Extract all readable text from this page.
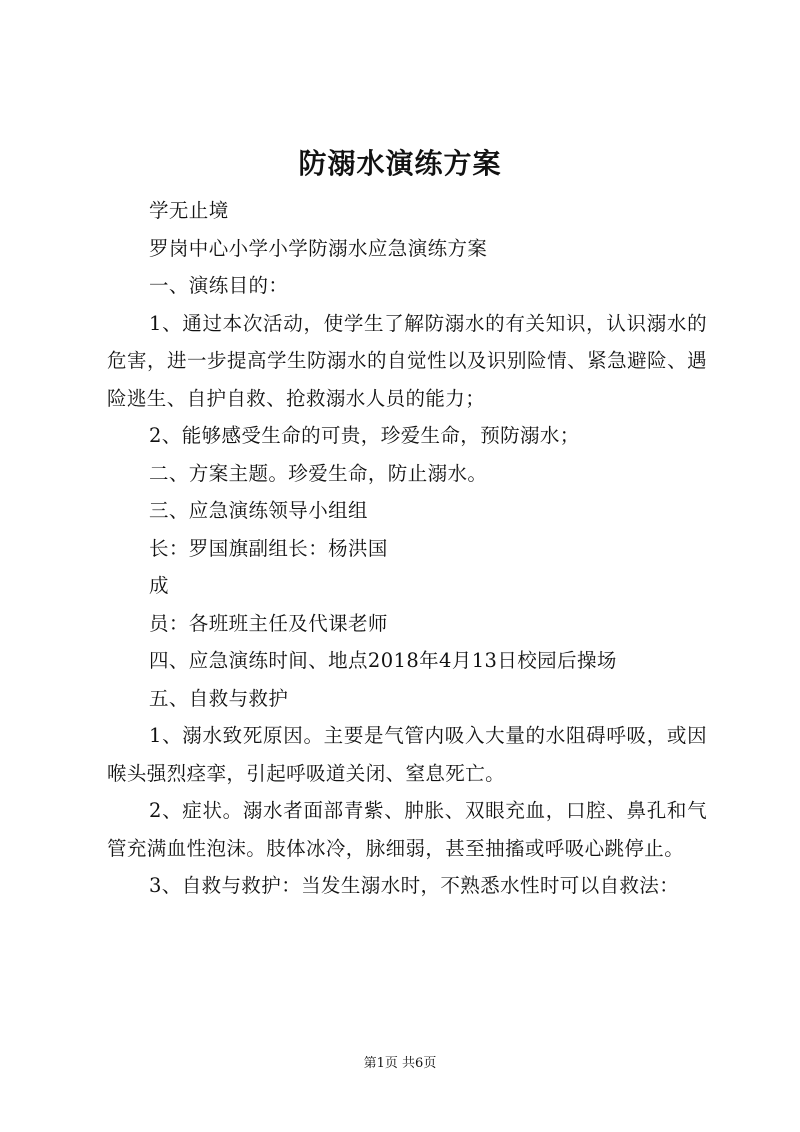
防溺水演练方案

学无止境

罗岗中心小学小学防溺水应急演练方案

一、演练目的：

1、通过本次活动，使学生了解防溺水的有关知识，认识溺水的危害，进一步提高学生防溺水的自觉性以及识别险情、紧急避险、遇险逃生、自护自救、抢救溺水人员的能力；

2、能够感受生命的可贵，珍爱生命，预防溺水；

二、方案主题。珍爱生命，防止溺水。

三、应急演练领导小组组

长：罗国旗副组长：杨洪国

成

员：各班班主任及代课老师

四、应急演练时间、地点2018年4月13日校园后操场

五、自救与救护

1、溺水致死原因。主要是气管内吸入大量的水阻碍呼吸，或因喉头强烈痉挛，引起呼吸道关闭、窒息死亡。

2、症状。溺水者面部青紫、肿胀、双眼充血，口腔、鼻孔和气管充满血性泡沫。肢体冰冷，脉细弱，甚至抽搐或呼吸心跳停止。

3、自救与救护：当发生溺水时，不熟悉水性时可以自救法：

第1页 共6页
